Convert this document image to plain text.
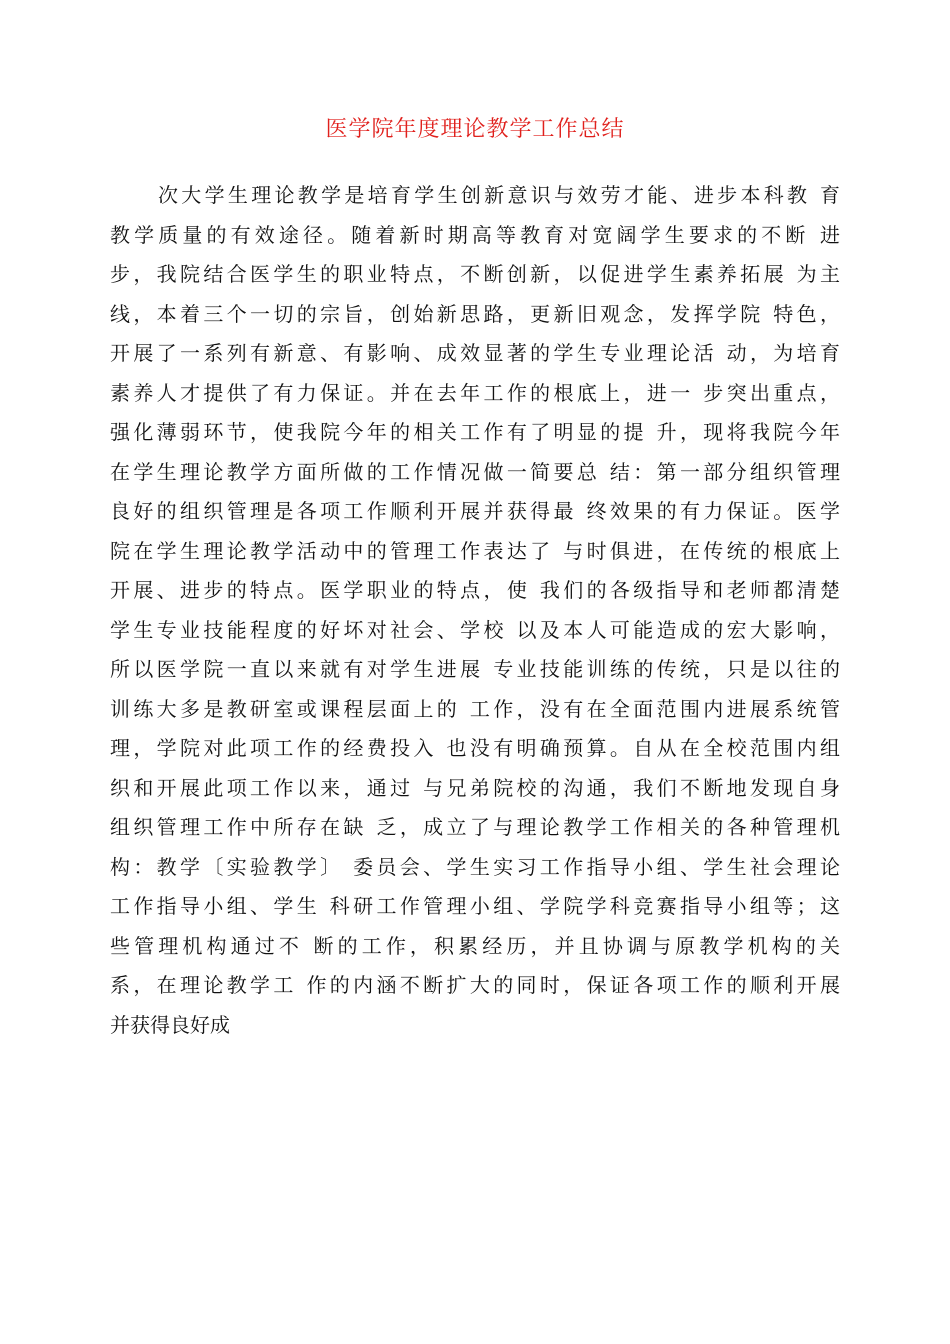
医学院年度理论教学工作总结
次大学生理论教学是培育学生创新意识与效劳才能、进步本科教 育
教学质量的有效途径。随着新时期高等教育对宽阔学生要求的不断 进
步，我院结合医学生的职业特点，不断创新，以促进学生素养拓展 为主
线，本着三个一切的宗旨，创始新思路，更新旧观念，发挥学院 特色，
开展了一系列有新意、有影响、成效显著的学生专业理论活 动，为培育
素养人才提供了有力保证。并在去年工作的根底上，进一 步突出重点，
强化薄弱环节，使我院今年的相关工作有了明显的提 升，现将我院今年
在学生理论教学方面所做的工作情况做一简要总 结：第一部分组织管理
良好的组织管理是各项工作顺利开展并获得最 终效果的有力保证。医学
院在学生理论教学活动中的管理工作表达了 与时俱进，在传统的根底上
开展、进步的特点。医学职业的特点，使 我们的各级指导和老师都清楚
学生专业技能程度的好坏对社会、学校 以及本人可能造成的宏大影响，
所以医学院一直以来就有对学生进展 专业技能训练的传统，只是以往的
训练大多是教研室或课程层面上的 工作，没有在全面范围内进展系统管
理，学院对此项工作的经费投入 也没有明确预算。自从在全校范围内组
织和开展此项工作以来，通过 与兄弟院校的沟通，我们不断地发现自身
组织管理工作中所存在缺 乏，成立了与理论教学工作相关的各种管理机
构：教学〔实验教学〕 委员会、学生实习工作指导小组、学生社会理论
工作指导小组、学生 科研工作管理小组、学院学科竞赛指导小组等；这
些管理机构通过不 断的工作，积累经历，并且协调与原教学机构的关
系，在理论教学工 作的内涵不断扩大的同时，保证各项工作的顺利开展
并获得良好成
